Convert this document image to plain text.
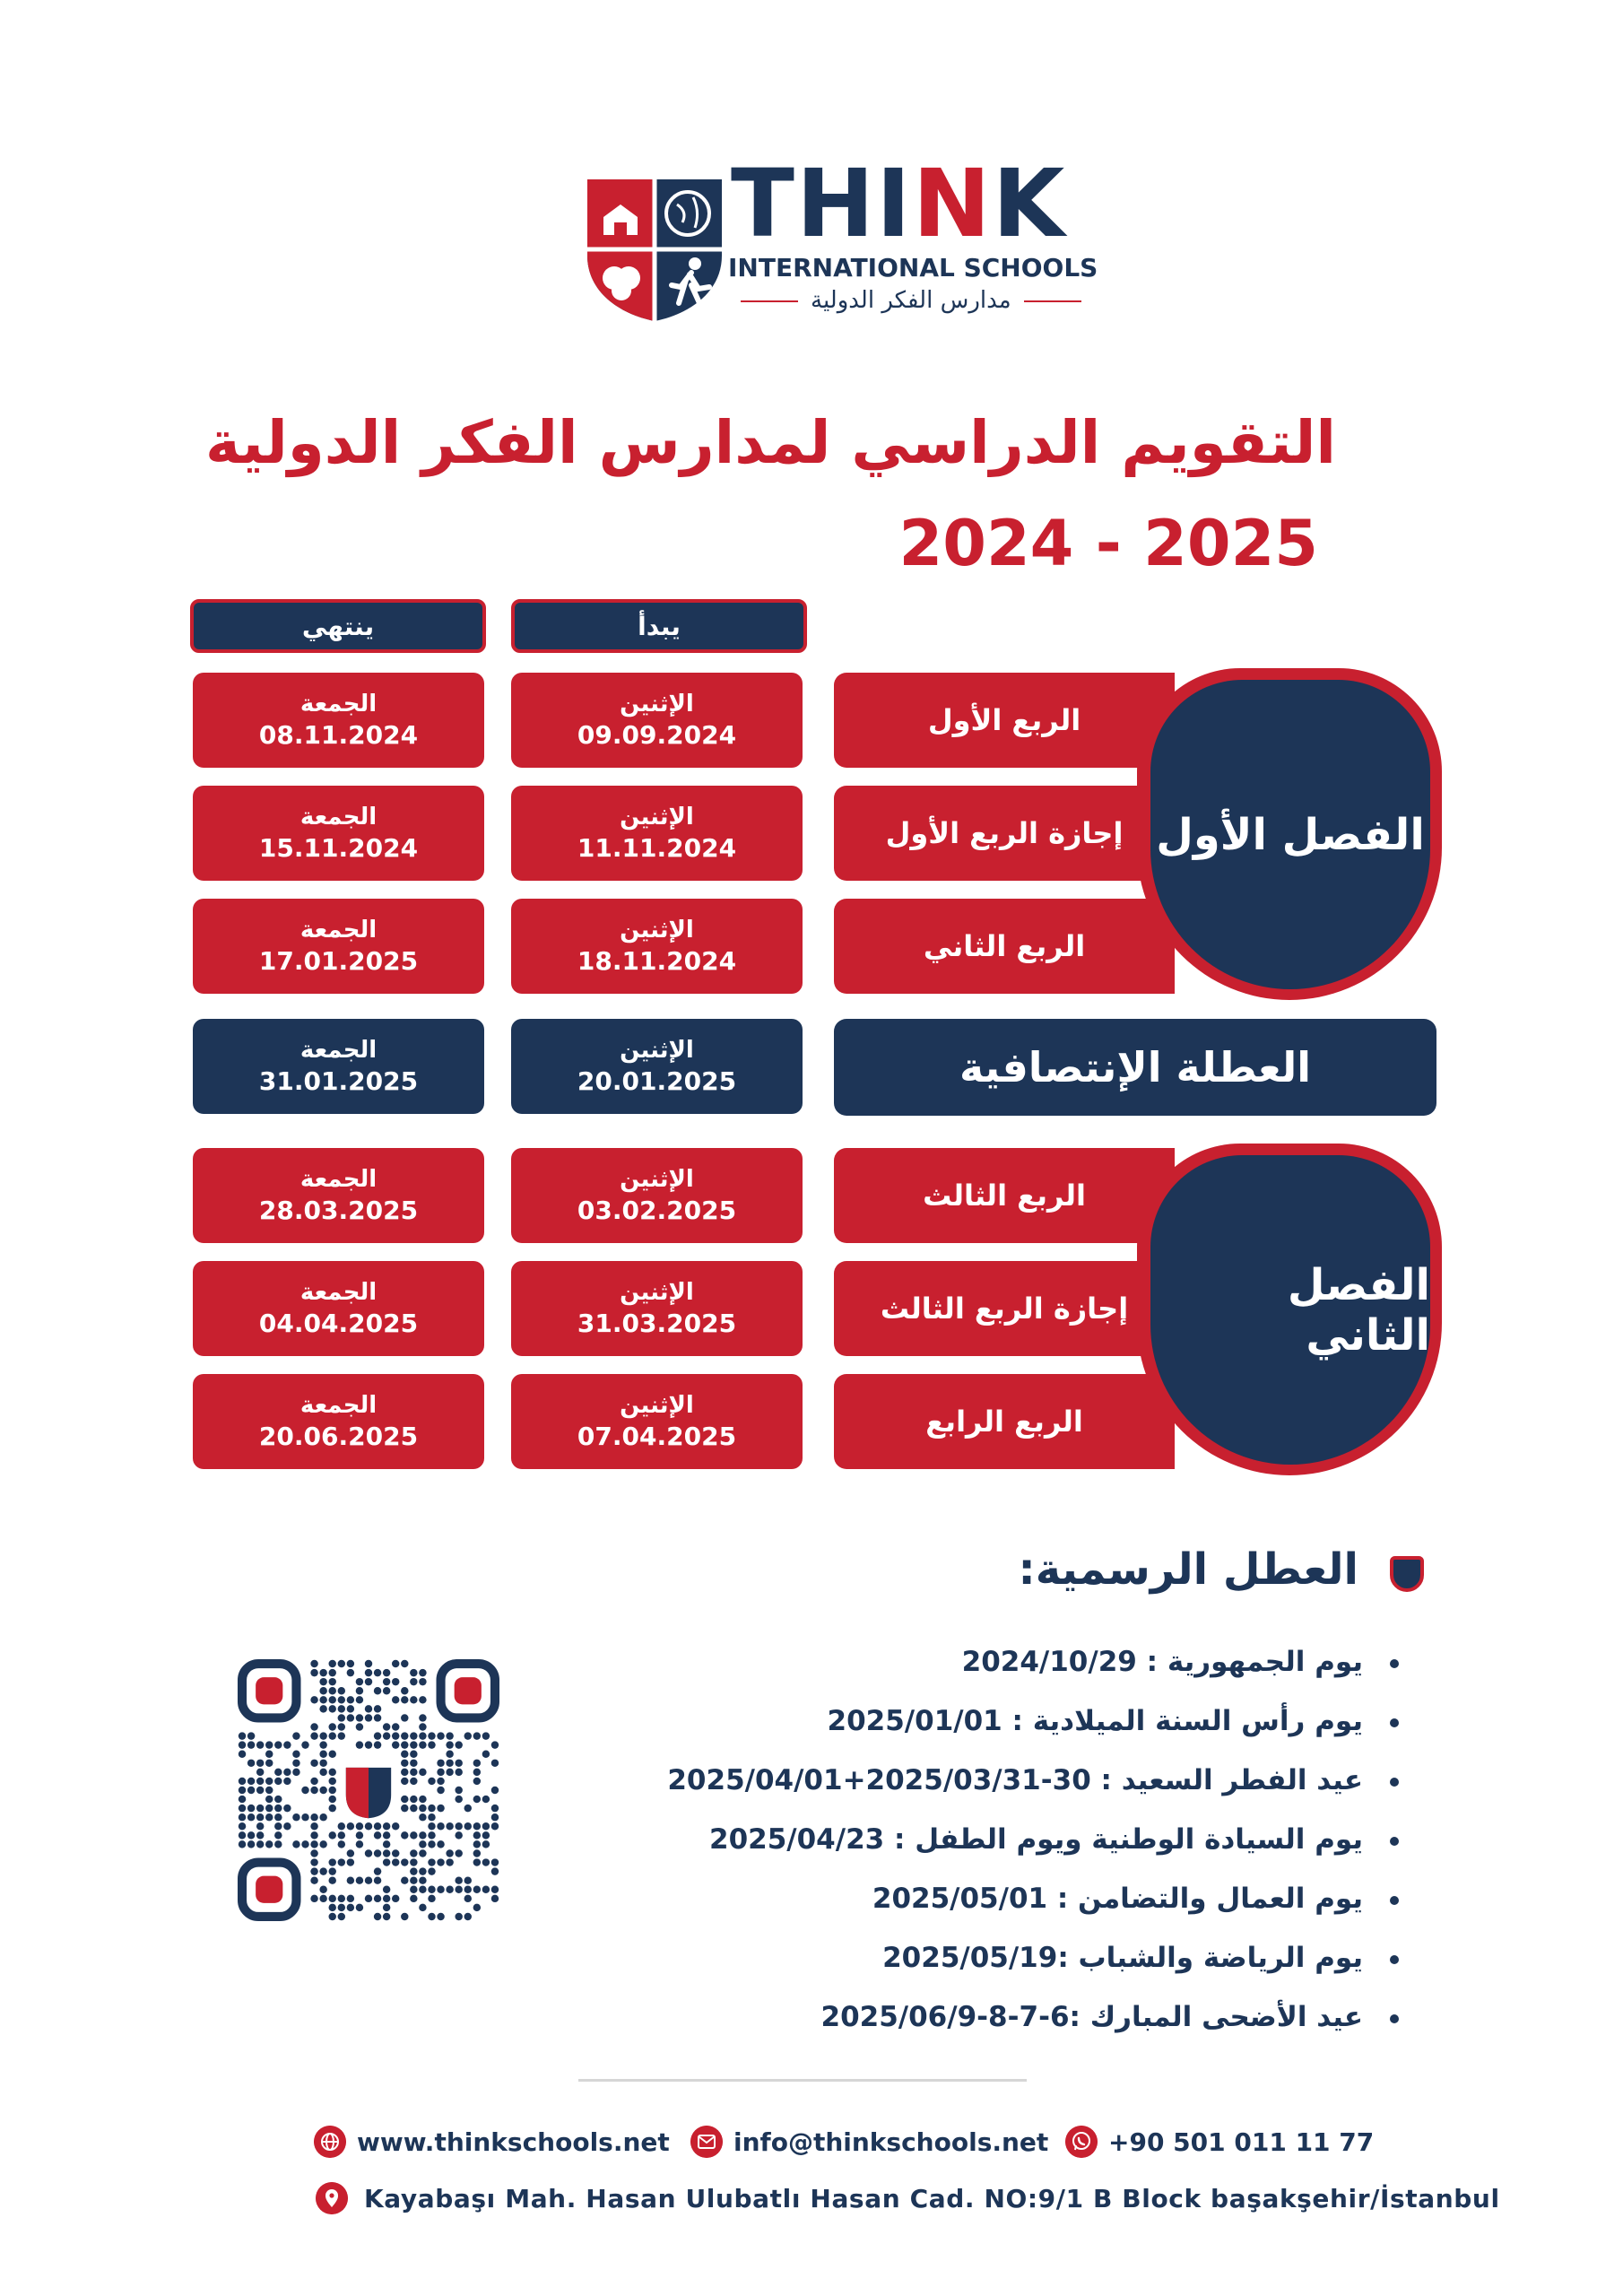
THINK
INTERNATIONAL SCHOOLS
مدارس الفكر الدولية
التقويم الدراسي لمدارس الفكر الدولية
2024 - 2025
ينتهي	يبدأ
الربع الأول
إجازة الربع الأول
الربع الثاني
الفصل الأول
الإثنين
09.09.2024
الجمعة
08.11.2024
الإثنين
11.11.2024
الجمعة
15.11.2024
الإثنين
18.11.2024
الجمعة
17.01.2025
العطلة الإنتصافية
الإثنين
20.01.2025
الجمعة
31.01.2025
الربع الثالث
إجازة الربع الثالث
الربع الرابع
الفصل الثاني
الإثنين
03.02.2025
الجمعة
28.03.2025
الإثنين
31.03.2025
الجمعة
04.04.2025
الإثنين
07.04.2025
الجمعة
20.06.2025
العطل الرسمية:
يوم الجمهورية : 2024/10/29
يوم رأس السنة الميلادية : 2025/01/01
عيد الفطر السعيد : 30-2025/03/31+2025/04/01
يوم السيادة الوطنية ويوم الطفل : 2025/04/23
يوم العمال والتضامن : 2025/05/01
يوم الرياضة والشباب :2025/05/19
عيد الأضحى المبارك :6-7-8-2025/06/9
www.thinkschools.net	info@thinkschools.net +90 501 011 11 77
Kayabaşı Mah. Hasan Ulubatlı Hasan Cad. NO:9/1 B Block başakşehir/İstanbul
